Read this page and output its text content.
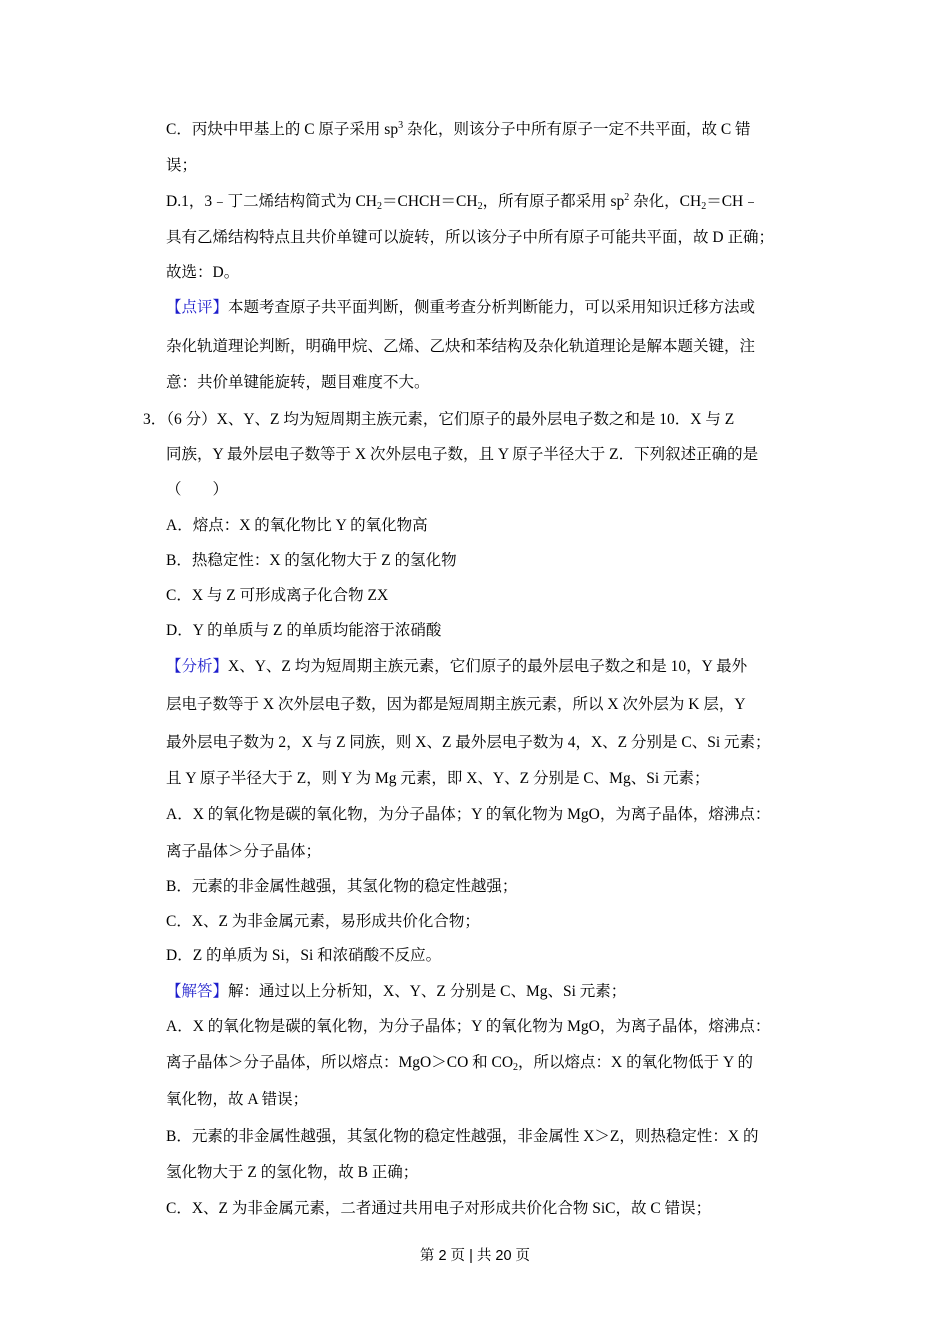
C．丙炔中甲基上的 C 原子采用 $sp^3$ 杂化，则该分子中所有原子一定不共平面，故 C 错
误；
D.1，3﹣丁二烯结构简式为 $CH_2=CHCH=CH_2$，所有原子都采用 $sp^2$ 杂化，$CH_2=CH﹣$
具有乙烯结构特点且共价单键可以旋转，所以该分子中所有原子可能共平面，故 D 正确；
故选：D。
【点评】本题考查原子共平面判断，侧重考查分析判断能力，可以采用知识迁移方法或
杂化轨道理论判断，明确甲烷、乙烯、乙炔和苯结构及杂化轨道理论是解本题关键，注
意：共价单键能旋转，题目难度不大。
3．（6 分）X、Y、Z 均为短周期主族元素，它们原子的最外层电子数之和是 10．X 与 Z
同族，Y 最外层电子数等于 X 次外层电子数，且 Y 原子半径大于 Z．下列叙述正确的是
（　　）
A．熔点：X 的氧化物比 Y 的氧化物高
B．热稳定性：X 的氢化物大于 Z 的氢化物
C．X 与 Z 可形成离子化合物 ZX
D．Y 的单质与 Z 的单质均能溶于浓硝酸
【分析】X、Y、Z 均为短周期主族元素，它们原子的最外层电子数之和是 10，Y 最外
层电子数等于 X 次外层电子数，因为都是短周期主族元素，所以 X 次外层为 K 层，Y
最外层电子数为 2，X 与 Z 同族，则 X、Z 最外层电子数为 4，X、Z 分别是 C、Si 元素；
且 Y 原子半径大于 Z，则 Y 为 Mg 元素，即 X、Y、Z 分别是 C、Mg、Si 元素；
A．X 的氧化物是碳的氧化物，为分子晶体；Y 的氧化物为 MgO，为离子晶体，熔沸点：
离子晶体＞分子晶体；
B．元素的非金属性越强，其氢化物的稳定性越强；
C．X、Z 为非金属元素，易形成共价化合物；
D．Z 的单质为 Si，Si 和浓硝酸不反应。
【解答】解：通过以上分析知，X、Y、Z 分别是 C、Mg、Si 元素；
A．X 的氧化物是碳的氧化物，为分子晶体；Y 的氧化物为 MgO，为离子晶体，熔沸点：
离子晶体＞分子晶体，所以熔点：MgO＞CO 和 $CO_2$，所以熔点：X 的氧化物低于 Y 的
氧化物，故 A 错误；
B．元素的非金属性越强，其氢化物的稳定性越强，非金属性 X＞Z，则热稳定性：X 的
氢化物大于 Z 的氢化物，故 B 正确；
C．X、Z 为非金属元素，二者通过共用电子对形成共价化合物 SiC，故 C 错误；
第 2 页 | 共 20 页
